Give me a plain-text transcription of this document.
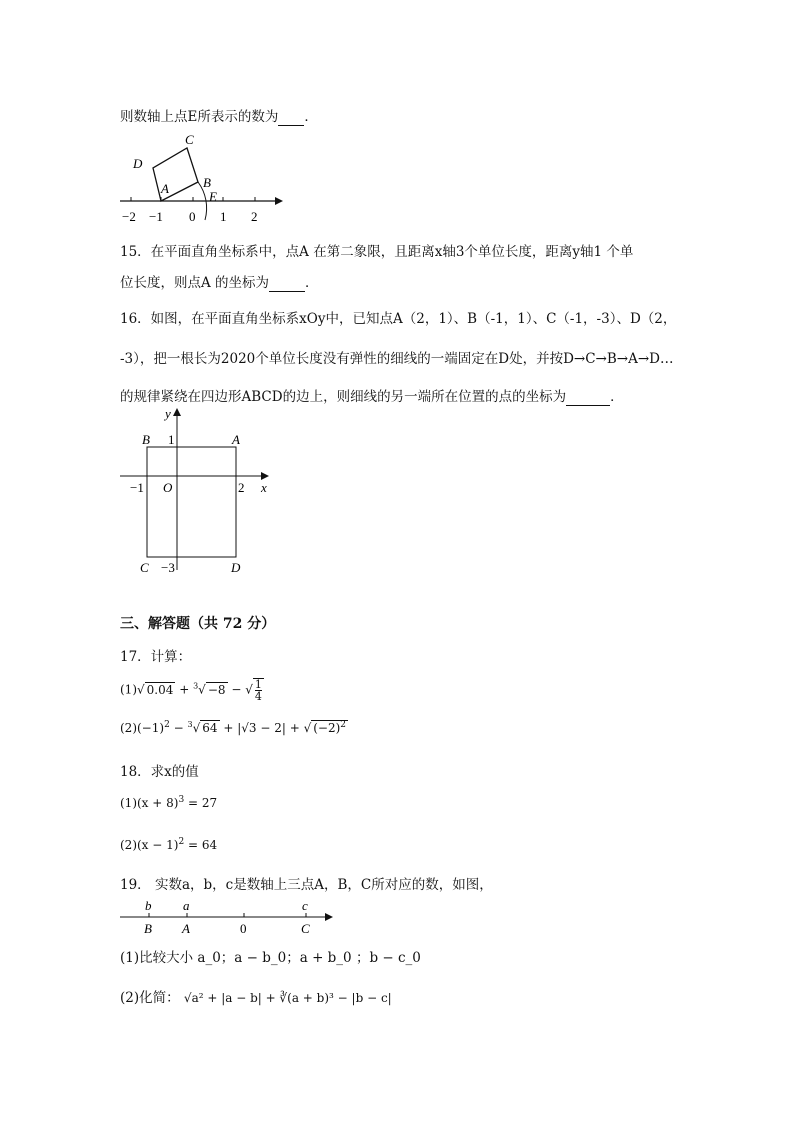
则数轴上点E所表示的数为 ．
−2 −1 0 1 2
A	B
C
D
E
15．在平面直角坐标系中，点A 在第二象限，且距离x轴3个单位长度，距离y轴1 个单
位长度，则点A 的坐标为	．
16．如图，在平面直角坐标系xOy中，已知点A（2，1）、B（-1，1）、C（-1，-3）、D（2，
-3），把一根长为2020个单位长度没有弹性的细线的一端固定在D处，并按D→C→B→A→D…
的规律紧绕在四边形ABCD的边上，则细线的另一端所在位置的点的坐标为	．
x
y
O
B	A
C	D
1
−1	2
−3
三、解答题（共 72 分）
17．计算：
(1)√ 0.04 + $^3$√ −8 − √ $\frac{1}{4}$
$(2)(-1)^2 - ^3√$ 64 + |√3 − 2| + √ $(-2)^2$
18．求x的值
$(1)(x + 8)^3 = 27$
$(2)(x - 1)^2 = 64$
19． 实数a，b，c是数轴上三点A，B，C所对应的数，如图，
b a	c
B A	0	C
(1)比较大小 a_0；a − b_0；a + b_0 ；b − c_0
(2)化简： √a² + |a − b| + ∛(a + b)³ − |b − c|
